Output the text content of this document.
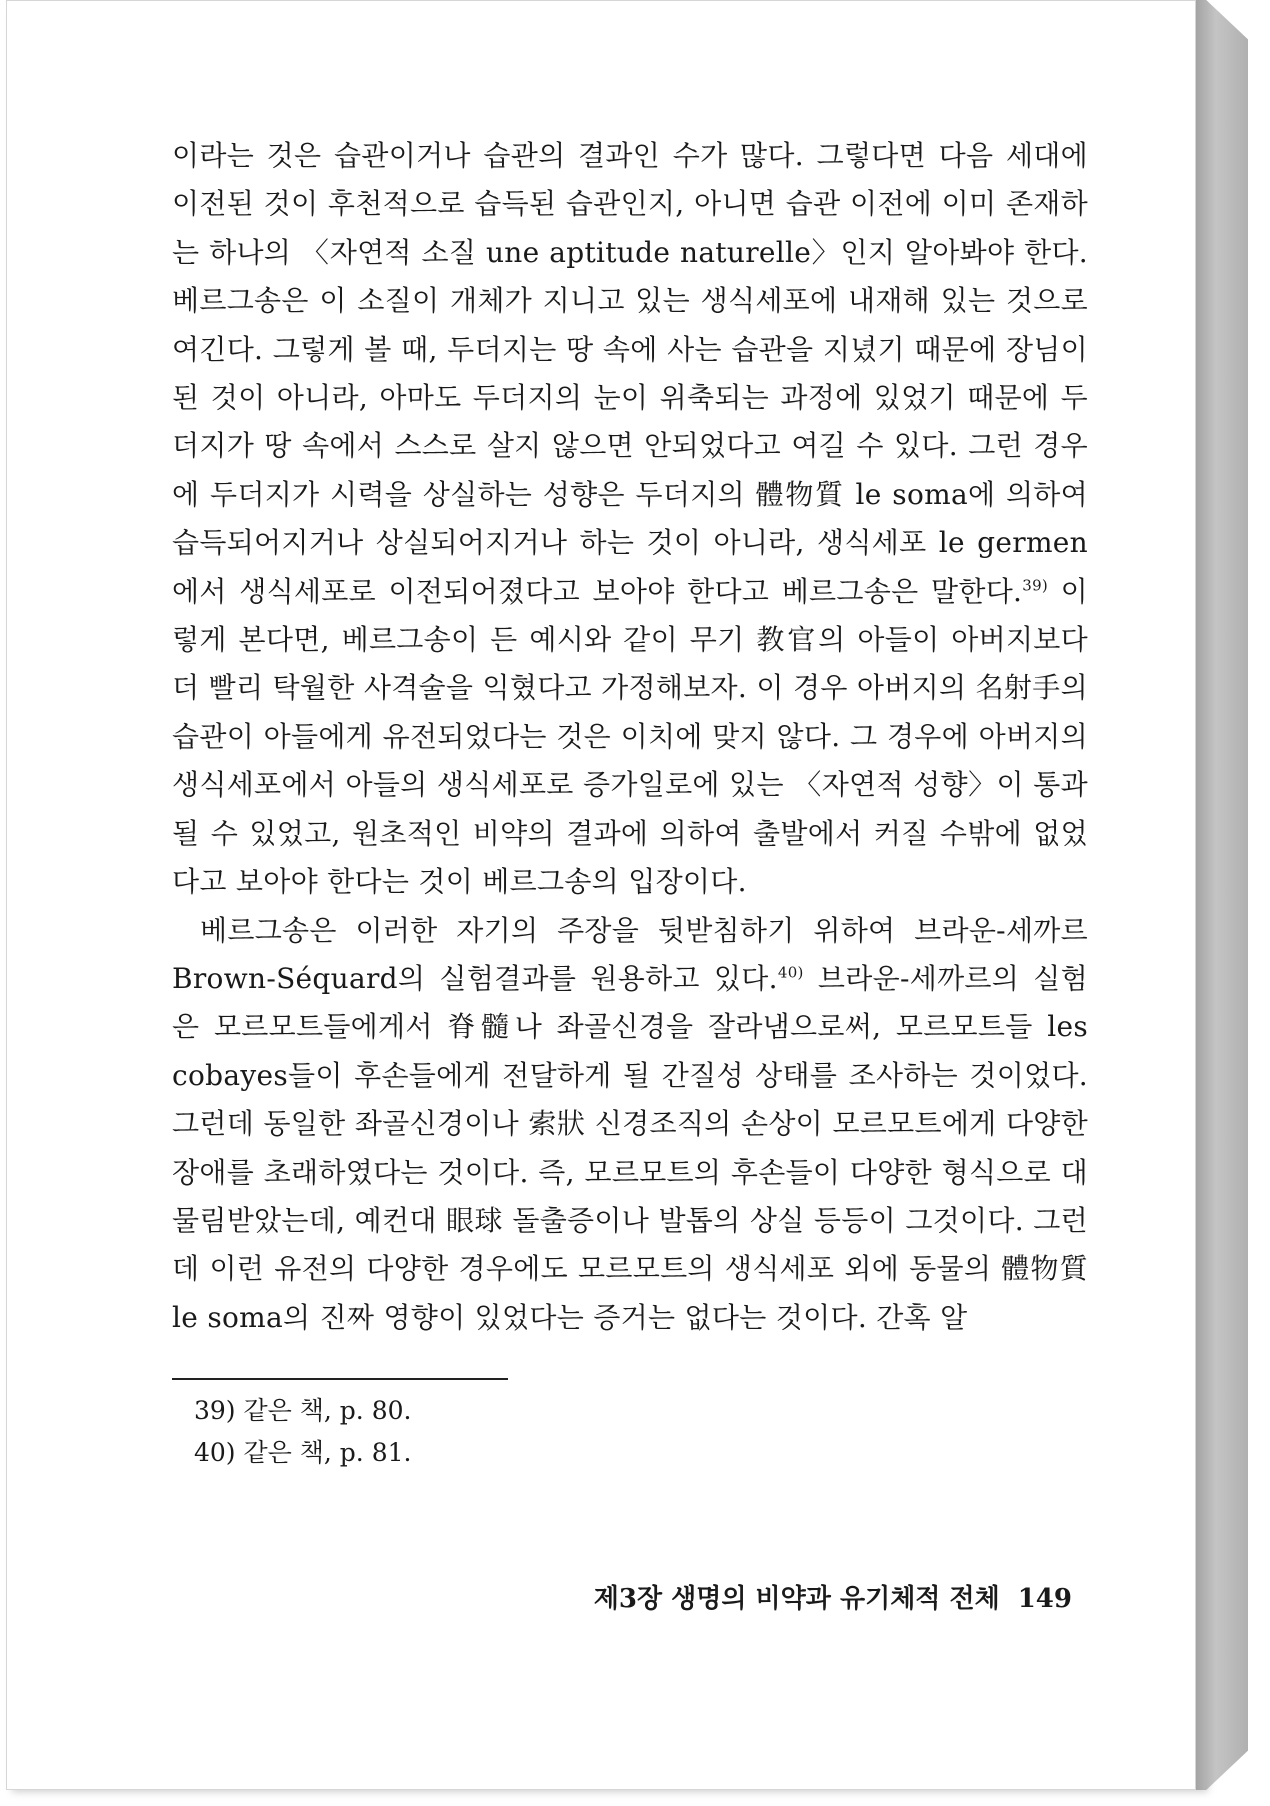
이라는 것은 습관이거나 습관의 결과인 수가 많다. 그렇다면 다음 세대에 이전된 것이 후천적으로 습득된 습관인지, 아니면 습관 이전에 이미 존재하는 하나의 〈자연적 소질 une aptitude naturelle〉인지 알아봐야 한다. 베르그송은 이 소질이 개체가 지니고 있는 생식세포에 내재해 있는 것으로 여긴다. 그렇게 볼 때, 두더지는 땅 속에 사는 습관을 지녔기 때문에 장님이 된 것이 아니라, 아마도 두더지의 눈이 위축되는 과정에 있었기 때문에 두더지가 땅 속에서 스스로 살지 않으면 안되었다고 여길 수 있다. 그런 경우에 두더지가 시력을 상실하는 성향은 두더지의 體物質 le soma에 의하여 습득되어지거나 상실되어지거나 하는 것이 아니라, 생식세포 le germen에서 생식세포로 이전되어졌다고 보아야 한다고 베르그송은 말한다.$^{39)}$ 이렇게 본다면, 베르그송이 든 예시와 같이 무기 教官의 아들이 아버지보다 더 빨리 탁월한 사격술을 익혔다고 가정해보자. 이 경우 아버지의 名射手의 습관이 아들에게 유전되었다는 것은 이치에 맞지 않다. 그 경우에 아버지의 생식세포에서 아들의 생식세포로 증가일로에 있는 〈자연적 성향〉이 통과될 수 있었고, 원초적인 비약의 결과에 의하여 출발에서 커질 수밖에 없었다고 보아야 한다는 것이 베르그송의 입장이다.

베르그송은 이러한 자기의 주장을 뒷받침하기 위하여 브라운-세까르 Brown-Séquard의 실험결과를 원용하고 있다.$^{40)}$ 브라운-세까르의 실험은 모르모트들에게서 脊髓나 좌골신경을 잘라냄으로써, 모르모트들 les cobayes들이 후손들에게 전달하게 될 간질성 상태를 조사하는 것이었다. 그런데 동일한 좌골신경이나 索狀 신경조직의 손상이 모르모트에게 다양한 장애를 초래하였다는 것이다. 즉, 모르모트의 후손들이 다양한 형식으로 대물림받았는데, 예컨대 眼球 돌출증이나 발톱의 상실 등등이 그것이다. 그런데 이런 유전의 다양한 경우에도 모르모트의 생식세포 외에 동물의 體物質 le soma의 진짜 영향이 있었다는 증거는 없다는 것이다. 간혹 알

39) 같은 책, p. 80.

40) 같은 책, p. 81.

제3장 생명의 비약과 유기체적 전체 149
